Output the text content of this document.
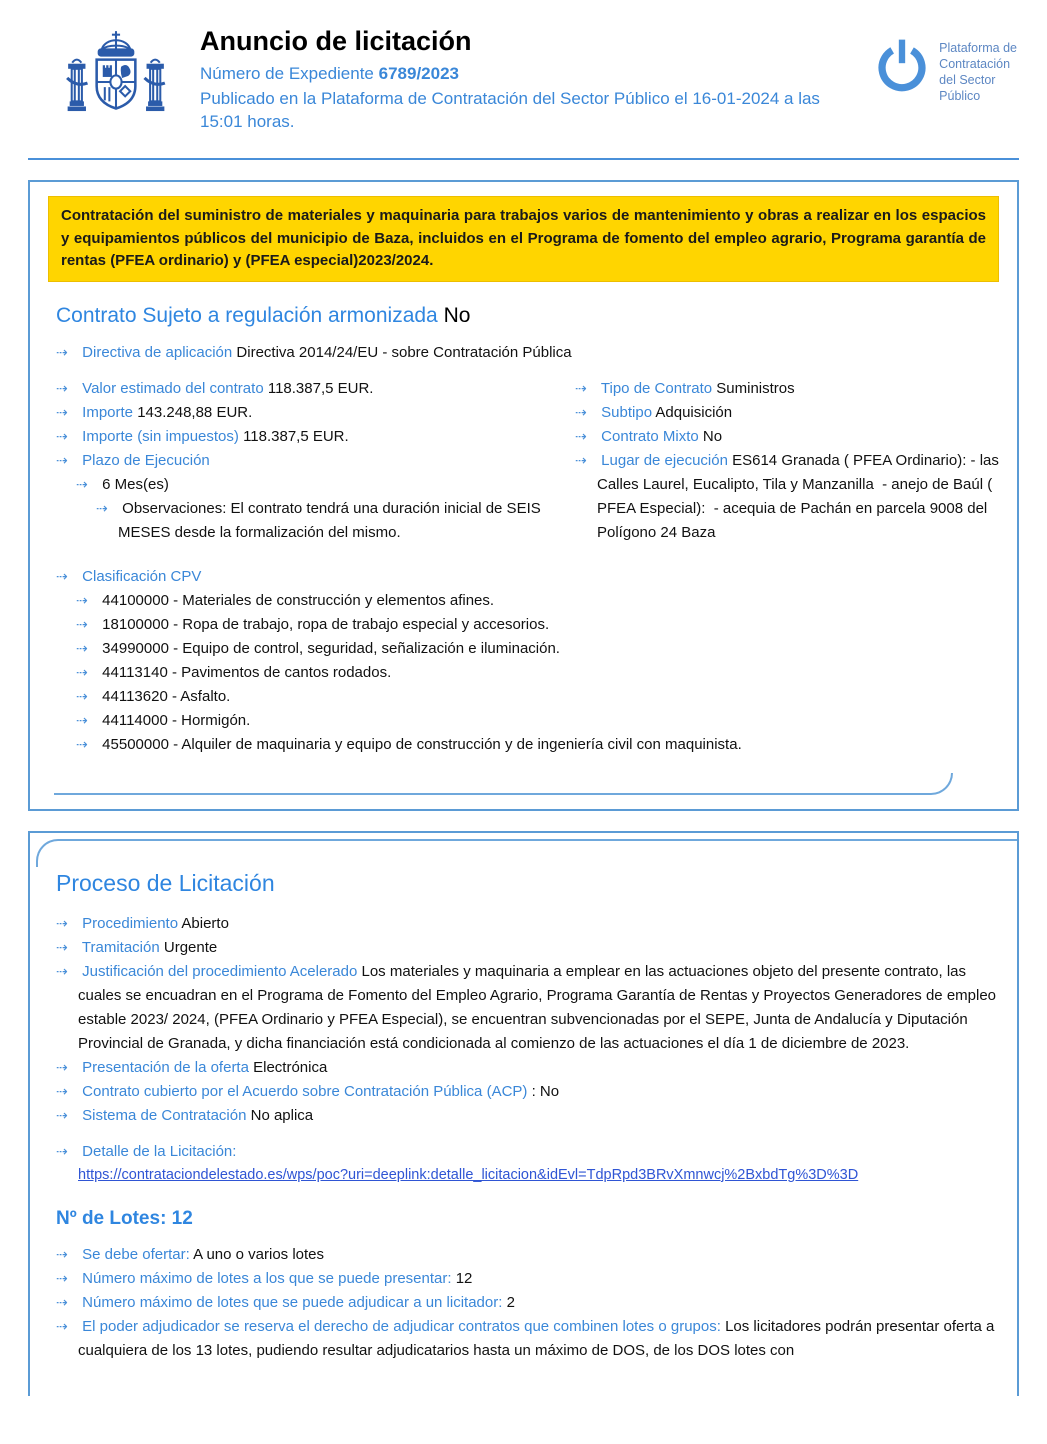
Anuncio de licitación
Número de Expediente 6789/2023
Publicado en la Plataforma de Contratación del Sector Público el 16-01-2024 a las 15:01 horas.
Plataforma de
Contratación
del Sector
Público
Contratación del suministro de materiales y maquinaria para trabajos varios de mantenimiento y obras a realizar en los espacios y equipamientos públicos del municipio de Baza, incluidos en el Programa de fomento del empleo agrario, Programa garantía de rentas (PFEA ordinario) y (PFEA especial)2023/2024.
Contrato Sujeto a regulación armonizada No
⇢ Directiva de aplicación Directiva 2014/24/EU - sobre Contratación Pública
⇢ Valor estimado del contrato 118.387,5 EUR.
⇢ Importe 143.248,88 EUR.
⇢ Importe (sin impuestos) 118.387,5 EUR.
⇢ Plazo de Ejecución
⇢ 6 Mes(es)
⇢ Observaciones: El contrato tendrá una duración inicial de SEIS MESES desde la formalización del mismo.
⇢ Tipo de Contrato Suministros
⇢ Subtipo Adquisición
⇢ Contrato Mixto No
⇢ Lugar de ejecución ES614 Granada ( PFEA Ordinario): - las Calles Laurel, Eucalipto, Tila y Manzanilla  - anejo de Baúl ( PFEA Especial):  - acequia de Pachán en parcela 9008 del Polígono 24 Baza
⇢ Clasificación CPV
⇢ 44100000 - Materiales de construcción y elementos afines.
⇢ 18100000 - Ropa de trabajo, ropa de trabajo especial y accesorios.
⇢ 34990000 - Equipo de control, seguridad, señalización e iluminación.
⇢ 44113140 - Pavimentos de cantos rodados.
⇢ 44113620 - Asfalto.
⇢ 44114000 - Hormigón.
⇢ 45500000 - Alquiler de maquinaria y equipo de construcción y de ingeniería civil con maquinista.
Proceso de Licitación
⇢ Procedimiento Abierto
⇢ Tramitación Urgente
⇢ Justificación del procedimiento Acelerado Los materiales y maquinaria a emplear en las actuaciones objeto del presente contrato, las cuales se encuadran en el Programa de Fomento del Empleo Agrario, Programa Garantía de Rentas y Proyectos Generadores de empleo estable 2023/ 2024, (PFEA Ordinario y PFEA Especial), se encuentran subvencionadas por el SEPE, Junta de Andalucía y Diputación Provincial de Granada, y dicha financiación está condicionada al comienzo de las actuaciones el día 1 de diciembre de 2023.
⇢ Presentación de la oferta Electrónica
⇢ Contrato cubierto por el Acuerdo sobre Contratación Pública (ACP) : No
⇢ Sistema de Contratación No aplica
⇢ Detalle de la Licitación:
https://contrataciondelestado.es/wps/poc?uri=deeplink:detalle_licitacion&idEvl=TdpRpd3BRvXmnwcj%2BxbdTg%3D%3D
Nº de Lotes: 12
⇢ Se debe ofertar: A uno o varios lotes
⇢ Número máximo de lotes a los que se puede presentar: 12
⇢ Número máximo de lotes que se puede adjudicar a un licitador: 2
⇢ El poder adjudicador se reserva el derecho de adjudicar contratos que combinen lotes o grupos: Los licitadores podrán presentar oferta a cualquiera de los 13 lotes, pudiendo resultar adjudicatarios hasta un máximo de DOS, de los DOS lotes con
